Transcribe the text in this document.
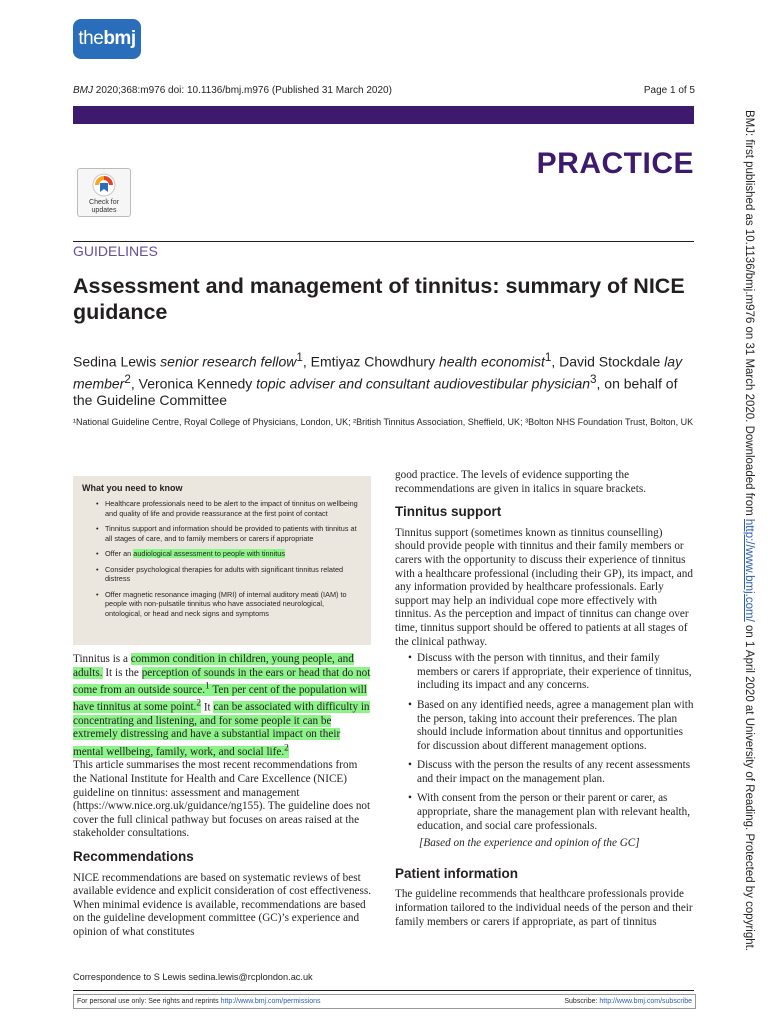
thebmj
BMJ 2020;368:m976 doi: 10.1136/bmj.m976 (Published 31 March 2020)	Page 1 of 5
PRACTICE
Check for updates
GUIDELINES
Assessment and management of tinnitus: summary of NICE guidance
Sedina Lewis senior research fellow$^1$, Emtiyaz Chowdhury health economist$^1$, David Stockdale lay member$^2$, Veronica Kennedy topic adviser and consultant audiovestibular physician$^3$, on behalf of the Guideline Committee
¹National Guideline Centre, Royal College of Physicians, London, UK; ²British Tinnitus Association, Sheffield, UK; ³Bolton NHS Foundation Trust, Bolton, UK
What you need to know
• Healthcare professionals need to be alert to the impact of tinnitus on wellbeing and quality of life and provide reassurance at the first point of contact
• Tinnitus support and information should be provided to patients with tinnitus at all stages of care, and to family members or carers if appropriate
• Offer an audiological assessment to people with tinnitus
• Consider psychological therapies for adults with significant tinnitus related distress
• Offer magnetic resonance imaging (MRI) of internal auditory meati (IAM) to people with non-pulsatile tinnitus who have associated neurological, ontological, or head and neck signs and symptoms

Tinnitus is a common condition in children, young people, and adults. It is the perception of sounds in the ears or head that do not come from an outside source.$^1$ Ten per cent of the population will have tinnitus at some point.$^2$ It can be associated with difficulty in concentrating and listening, and for some people it can be extremely distressing and have a substantial impact on their mental wellbeing, family, work, and social life.$^2$

This article summarises the most recent recommendations from the National Institute for Health and Care Excellence (NICE) guideline on tinnitus: assessment and management (https://www.nice.org.uk/guidance/ng155). The guideline does not cover the full clinical pathway but focuses on areas raised at the stakeholder consultations.

Recommendations

NICE recommendations are based on systematic reviews of best available evidence and explicit consideration of cost effectiveness. When minimal evidence is available, recommendations are based on the guideline development committee (GC)’s experience and opinion of what constitutes

good practice. The levels of evidence supporting the recommendations are given in italics in square brackets.

Tinnitus support

Tinnitus support (sometimes known as tinnitus counselling) should provide people with tinnitus and their family members or carers with the opportunity to discuss their experience of tinnitus with a healthcare professional (including their GP), its impact, and any information provided by healthcare professionals. Early support may help an individual cope more effectively with tinnitus. As the perception and impact of tinnitus can change over time, tinnitus support should be offered to patients at all stages of the clinical pathway.

• Discuss with the person with tinnitus, and their family members or carers if appropriate, their experience of tinnitus, including its impact and any concerns.
• Based on any identified needs, agree a management plan with the person, taking into account their preferences. The plan should include information about tinnitus and opportunities for discussion about different management options.
• Discuss with the person the results of any recent assessments and their impact on the management plan.
• With consent from the person or their parent or carer, as appropriate, share the management plan with relevant health, education, and social care professionals.

[Based on the experience and opinion of the GC]

Patient information

The guideline recommends that healthcare professionals provide information tailored to the individual needs of the person and their family members or carers if appropriate, as part of tinnitus

Correspondence to S Lewis sedina.lewis@rcplondon.ac.uk
For personal use only: See rights and reprints http://www.bmj.com/permissions	Subscribe: http://www.bmj.com/subscribe
BMJ: first published as 10.1136/bmj.m976 on 31 March 2020. Downloaded from http://www.bmj.com/ on 1 April 2020 at University of Reading. Protected by copyright.
